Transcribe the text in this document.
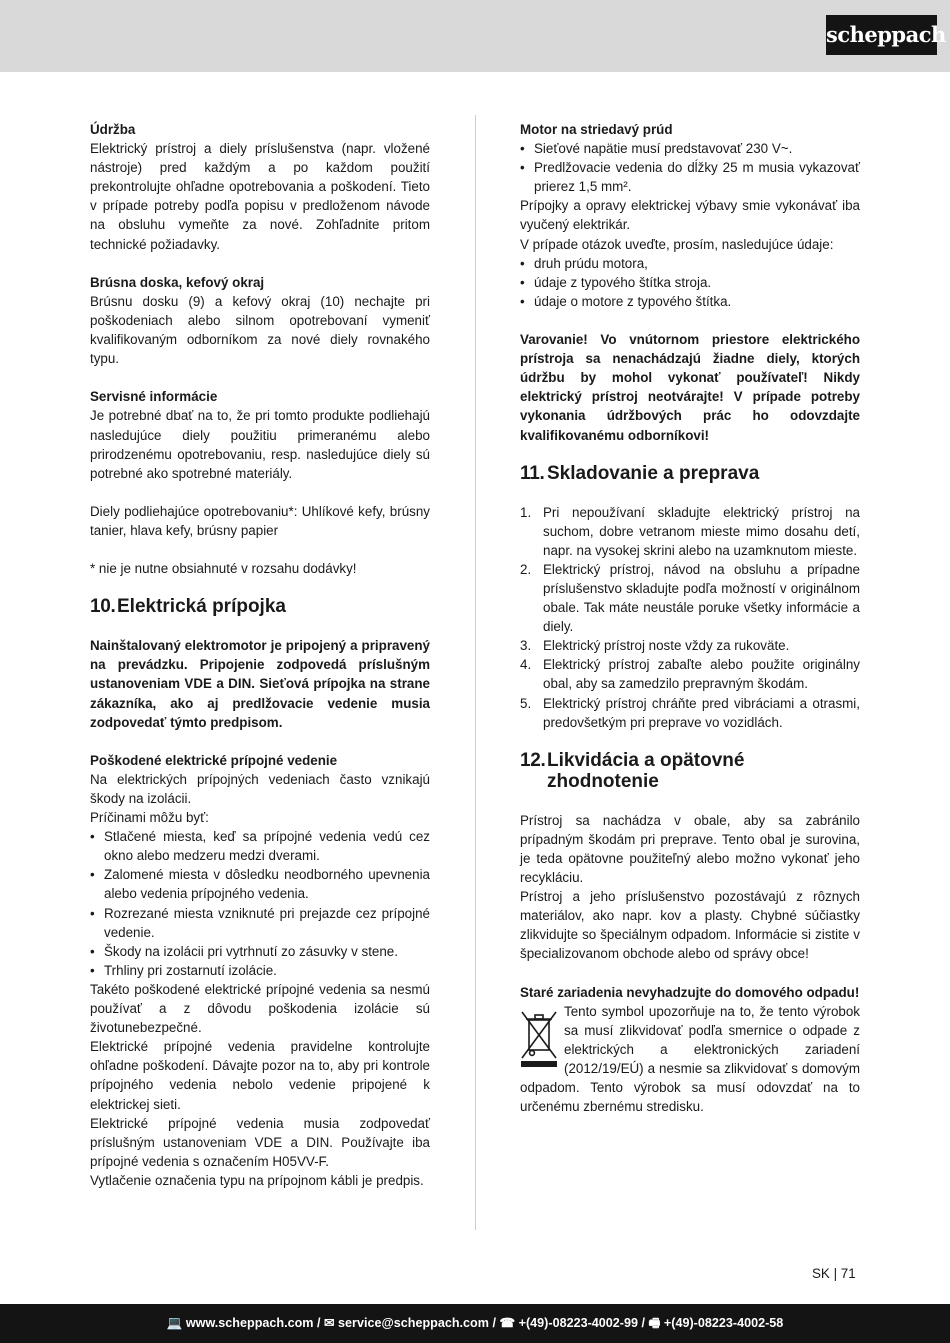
scheppach
Údržba

Elektrický prístroj a diely príslušenstva (napr. vložené nástroje) pred každým a po každom použití prekontrolujte ohľadne opotrebovania a poškodení. Tieto v prípade potreby podľa popisu v predloženom návode na obsluhu vymeňte za nové. Zohľadnite pritom technické požiadavky.

Brúsna doska, kefový okraj

Brúsnu dosku (9) a kefový okraj (10) nechajte pri poškodeniach alebo silnom opotrebovaní vymeniť kvalifikovaným odborníkom za nové diely rovnakého typu.

Servisné informácie

Je potrebné dbať na to, že pri tomto produkte podliehajú nasledujúce diely použitiu primeranému alebo prirodzenému opotrebovaniu, resp. nasledujúce diely sú potrebné ako spotrebné materiály.

Diely podliehajúce opotrebovaniu*: Uhlíkové kefy, brúsny tanier, hlava kefy, brúsny papier

* nie je nutne obsiahnuté v rozsahu dodávky!

10. Elektrická prípojka

Nainštalovaný elektromotor je pripojený a pripravený na prevádzku. Pripojenie zodpovedá príslušným ustanoveniam VDE a DIN. Sieťová prípojka na strane zákazníka, ako aj predlžovacie vedenie musia zodpovedať týmto predpisom.

Poškodené elektrické prípojné vedenie

Na elektrických prípojných vedeniach často vznikajú škody na izolácii.

Príčinami môžu byť:

• Stlačené miesta, keď sa prípojné vedenia vedú cez okno alebo medzeru medzi dverami.
• Zalomené miesta v dôsledku neodborného upevnenia alebo vedenia prípojného vedenia.
• Rozrezané miesta vzniknuté pri prejazde cez prípojné vedenie.
• Škody na izolácii pri vytrhnutí zo zásuvky v stene.
• Trhliny pri zostarnutí izolácie.

Takéto poškodené elektrické prípojné vedenia sa nesmú používať a z dôvodu poškodenia izolácie sú životunebezpečné.

Elektrické prípojné vedenia pravidelne kontrolujte ohľadne poškodení. Dávajte pozor na to, aby pri kontrole prípojného vedenia nebolo vedenie pripojené k elektrickej sieti.

Elektrické prípojné vedenia musia zodpovedať príslušným ustanoveniam VDE a DIN. Používajte iba prípojné vedenia s označením H05VV-F.

Vytlačenie označenia typu na prípojnom kábli je predpis.

Motor na striedavý prúd
• Sieťové napätie musí predstavovať 230 V~.
• Predlžovacie vedenia do dĺžky 25 m musia vykazovať prierez 1,5 mm².

Prípojky a opravy elektrickej výbavy smie vykonávať iba vyučený elektrikár.

V prípade otázok uveďte, prosím, nasledujúce údaje:

• druh prúdu motora,
• údaje z typového štítka stroja.
• údaje o motore z typového štítka.

Varovanie! Vo vnútornom priestore elektrického prístroja sa nenachádzajú žiadne diely, ktorých údržbu by mohol vykonať používateľ! Nikdy elektrický prístroj neotvárajte! V prípade potreby vykonania údržbových prác ho odovzdajte kvalifikovanému odborníkovi!

11. Skladovanie a preprava
1. Pri nepoužívaní skladujte elektrický prístroj na suchom, dobre vetranom mieste mimo dosahu detí, napr. na vysokej skrini alebo na uzamknutom mieste.
2. Elektrický prístroj, návod na obsluhu a prípadne príslušenstvo skladujte podľa možností v originálnom obale. Tak máte neustále poruke všetky informácie a diely.
3. Elektrický prístroj noste vždy za rukoväte.
4. Elektrický prístroj zabaľte alebo použite originálny obal, aby sa zamedzilo prepravným škodám.
5. Elektrický prístroj chráňte pred vibráciami a otrasmi, predovšetkým pri preprave vo vozidlách.
12. Likvidácia a opätovné
zhodnotenie

Prístroj sa nachádza v obale, aby sa zabránilo prípadným škodám pri preprave. Tento obal je surovina, je teda opätovne použiteľný alebo možno vykonať jeho recykláciu.

Prístroj a jeho príslušenstvo pozostávajú z rôznych materiálov, ako napr. kov a plasty. Chybné súčiastky zlikvidujte so špeciálnym odpadom. Informácie si zistite v špecializovanom obchode alebo od správy obce!

Staré zariadenia nevyhadzujte do domového odpadu!

Tento symbol upozorňuje na to, že tento výrobok sa musí zlikvidovať podľa smernice o odpade z elektrických a elektronických zariadení (2012/19/EÚ) a nesmie sa zlikvidovať s domovým odpadom. Tento výrobok sa musí odovzdať na to určenému zbernému stredisku.

SK | 71
💻 www.scheppach.com / ✉ service@scheppach.com / ☎ +(49)-08223-4002-99 / 🖷 +(49)-08223-4002-58
